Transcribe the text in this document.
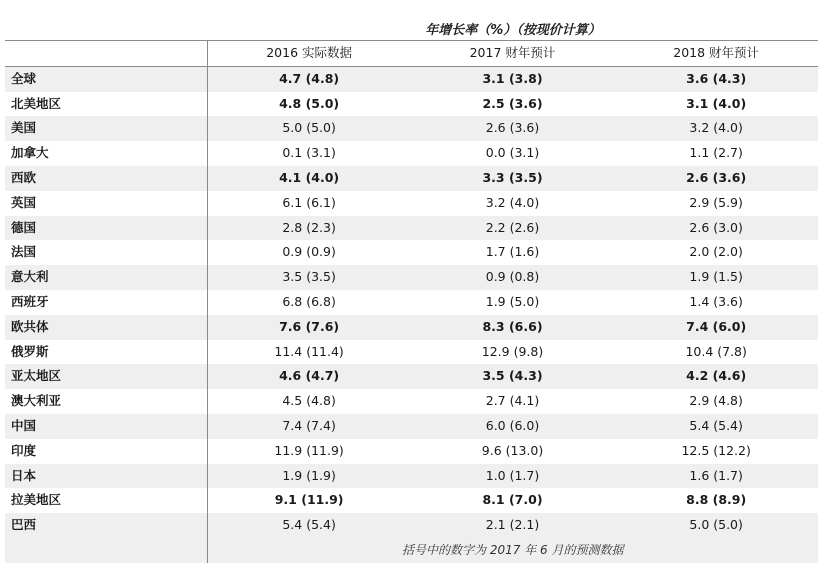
年增长率（%）（按现价计算）
	2016 实际数据	2017 财年预计	2018 财年预计
全球	4.7 (4.8)	3.1 (3.8)	3.6 (4.3)
北美地区	4.8 (5.0)	2.5 (3.6)	3.1 (4.0)
美国	5.0 (5.0)	2.6 (3.6)	3.2 (4.0)
加拿大	0.1 (3.1)	0.0 (3.1)	1.1 (2.7)
西欧	4.1 (4.0)	3.3 (3.5)	2.6 (3.6)
英国	6.1 (6.1)	3.2 (4.0)	2.9 (5.9)
德国	2.8 (2.3)	2.2 (2.6)	2.6 (3.0)
法国	0.9 (0.9)	1.7 (1.6)	2.0 (2.0)
意大利	3.5 (3.5)	0.9 (0.8)	1.9 (1.5)
西班牙	6.8 (6.8)	1.9 (5.0)	1.4 (3.6)
欧共体	7.6 (7.6)	8.3 (6.6)	7.4 (6.0)
俄罗斯	11.4 (11.4)	12.9 (9.8)	10.4 (7.8)
亚太地区	4.6 (4.7)	3.5 (4.3)	4.2 (4.6)
澳大利亚	4.5 (4.8)	2.7 (4.1)	2.9 (4.8)
中国	7.4 (7.4)	6.0 (6.0)	5.4 (5.4)
印度	11.9 (11.9)	9.6 (13.0)	12.5 (12.2)
日本	1.9 (1.9)	1.0 (1.7)	1.6 (1.7)
拉美地区	9.1 (11.9)	8.1 (7.0)	8.8 (8.9)
巴西	5.4 (5.4)	2.1 (2.1)	5.0 (5.0)
	括号中的数字为 2017 年 6 月的预测数据		
